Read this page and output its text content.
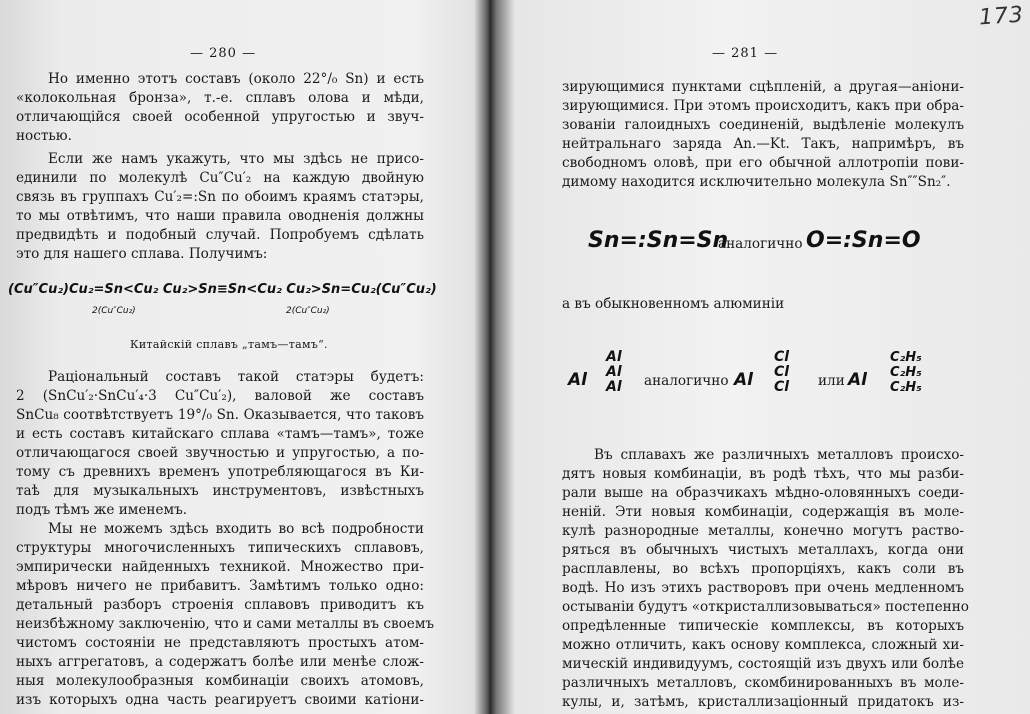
— 280 —
Но именно этотъ составъ (около 22°/₀ Sn) и есть
«колокольная бронза», т.-е. сплавъ олова и мѣди,
отличающійся своей особенной упругостью и звуч-
ностью.
Если же намъ укажуть, что мы здѣсь не присо-
единили по молекулѣ Cu″Cu′₂ на каждую двойную
связь въ группахъ Cu′₂=:Sn по обоимъ краямъ статэры,
то мы отвѣтимъ, что наши правила оводненія должны
предвидѣть и подобный случай. Попробуемъ сдѣлать
это для нашего сплава. Получимъ:
(Cu″Cu₂)Cu₂=Sn<Cu₂ Cu₂>Sn≡Sn<Cu₂ Cu₂>Sn=Cu₂(Cu″Cu₂)
2(Cu″Cu₂)	2(Cu″Cu₂)
Китайскій сплавъ „тамъ—тамъ“.
Раціональный составъ такой статэры будетъ:
2 (SnCu′₂·SnCu′₄·3 Cu″Cu′₂), валовой же составъ
SnCu₈ соотвѣтствуетъ 19°/₀ Sn. Оказывается, что таковъ
и есть составъ китайскаго сплава «тамъ—тамъ», тоже
отличающагося своей звучностью и упругостью, а по-
тому съ древнихъ временъ употребляющагося въ Ки-
таѣ для музыкальныхъ инструментовъ, извѣстныхъ
подъ тѣмъ же именемъ.
Мы не можемъ здѣсь входить во всѣ подробности
структуры многочисленныхъ типическихъ сплавовъ,
эмпирически найденныхъ техникой. Множество при-
мѣровъ ничего не прибавитъ. Замѣтимъ только одно:
детальный разборъ строенія сплавовъ приводитъ къ
неизбѣжному заключенію, что и сами металлы въ своемъ
чистомъ состояніи не представляютъ простыхъ атом-
ныхъ аггрегатовъ, а содержатъ болѣе или менѣе слож-
ныя молекулообразныя комбинаціи своихъ атомовъ,
изъ которыхъ одна часть реагируетъ своими катіони-
— 281 —
173
зирующимися пунктами сцѣпленій, а другая—аніони-
зирующимися. При этомъ происходитъ, какъ при обра-
зованіи галоидныхъ соединеній, выдѣленіе молекулъ
нейтральнаго заряда An.—Kt. Такъ, напримѣръ, въ
свободномъ оловѣ, при его обычной аллотропіи пови-
димому находится исключительно молекула Sn″″Sn₂″.
Sn=:Sn=Sn
аналогично O=:Sn=O
а въ обыкновенномъ алюминіи
Al
Al
Al
Al аналогично Al
Cl
Cl
Cl или Al
C₂H₅
C₂H₅
C₂H₅
Въ сплавахъ же различныхъ металловъ происхо-
дятъ новыя комбинаціи, въ родѣ тѣхъ, что мы разби-
рали выше на образчикахъ мѣдно-оловянныхъ соеди-
неній. Эти новыя комбинаціи, содержащія въ моле-
кулѣ разнородные металлы, конечно могутъ раство-
ряться въ обычныхъ чистыхъ металлахъ, когда они
расплавлены, во всѣхъ пропорціяхъ, какъ соли въ
водѣ. Но изъ этихъ растворовъ при очень медленномъ
остываніи будутъ «откристаллизовываться» постепенно
опредѣленные типическіе комплексы, въ которыхъ
можно отличить, какъ основу комплекса, сложный хи-
мическій индивидуумъ, состоящій изъ двухъ или болѣе
различныхъ металловъ, скомбинированныхъ въ моле-
кулы, и, затѣмъ, кристаллизаціонный придатокъ из-
